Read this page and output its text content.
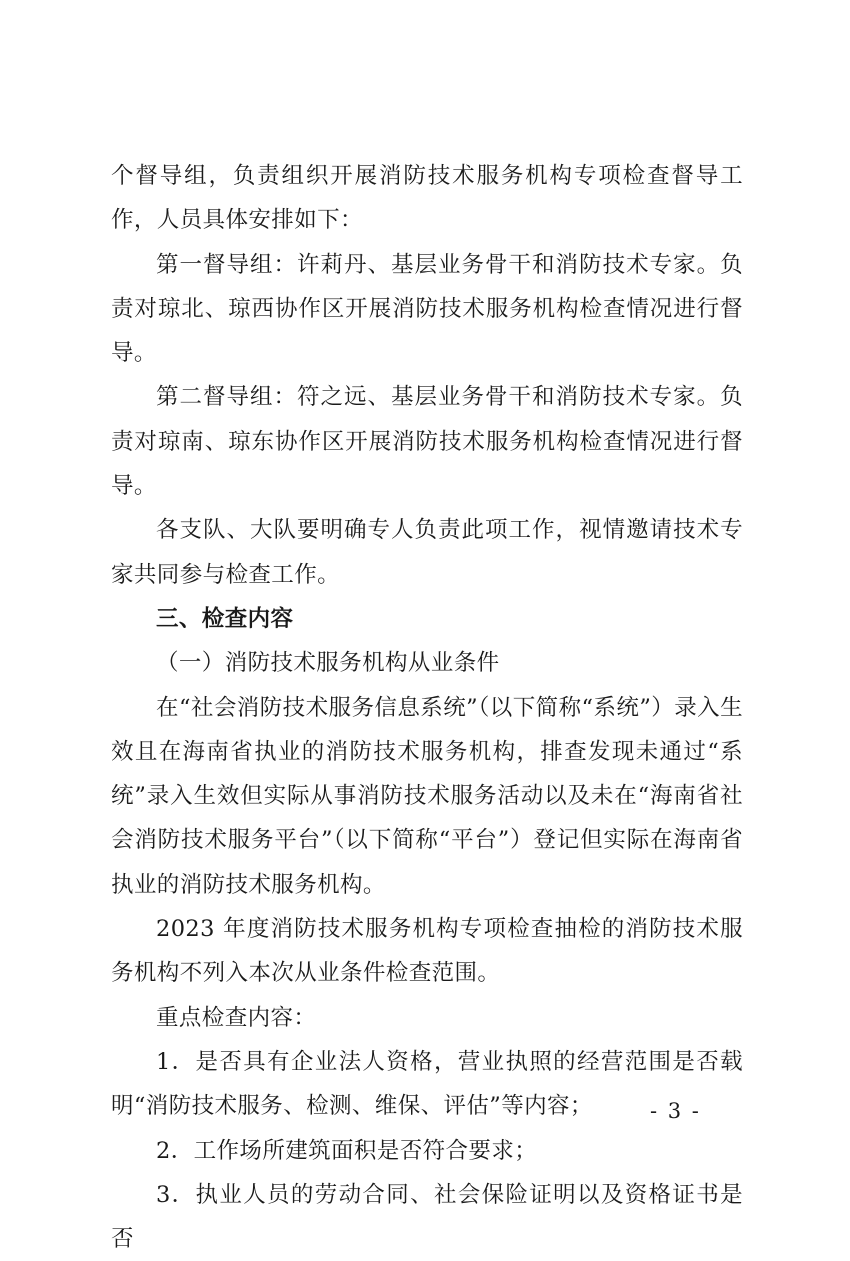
个督导组，负责组织开展消防技术服务机构专项检查督导工作，人员具体安排如下：

第一督导组：许莉丹、基层业务骨干和消防技术专家。负责对琼北、琼西协作区开展消防技术服务机构检查情况进行督导。

第二督导组：符之远、基层业务骨干和消防技术专家。负责对琼南、琼东协作区开展消防技术服务机构检查情况进行督导。

各支队、大队要明确专人负责此项工作，视情邀请技术专家共同参与检查工作。

三、检查内容

（一）消防技术服务机构从业条件

在“社会消防技术服务信息系统”（以下简称“系统”）录入生效且在海南省执业的消防技术服务机构，排查发现未通过“系统”录入生效但实际从事消防技术服务活动以及未在“海南省社会消防技术服务平台”（以下简称“平台”）登记但实际在海南省执业的消防技术服务机构。

2023 年度消防技术服务机构专项检查抽检的消防技术服务机构不列入本次从业条件检查范围。

重点检查内容：

1．是否具有企业法人资格，营业执照的经营范围是否载明“消防技术服务、检测、维保、评估”等内容；

2．工作场所建筑面积是否符合要求；

3．执业人员的劳动合同、社会保险证明以及资格证书是否

- 3 -
